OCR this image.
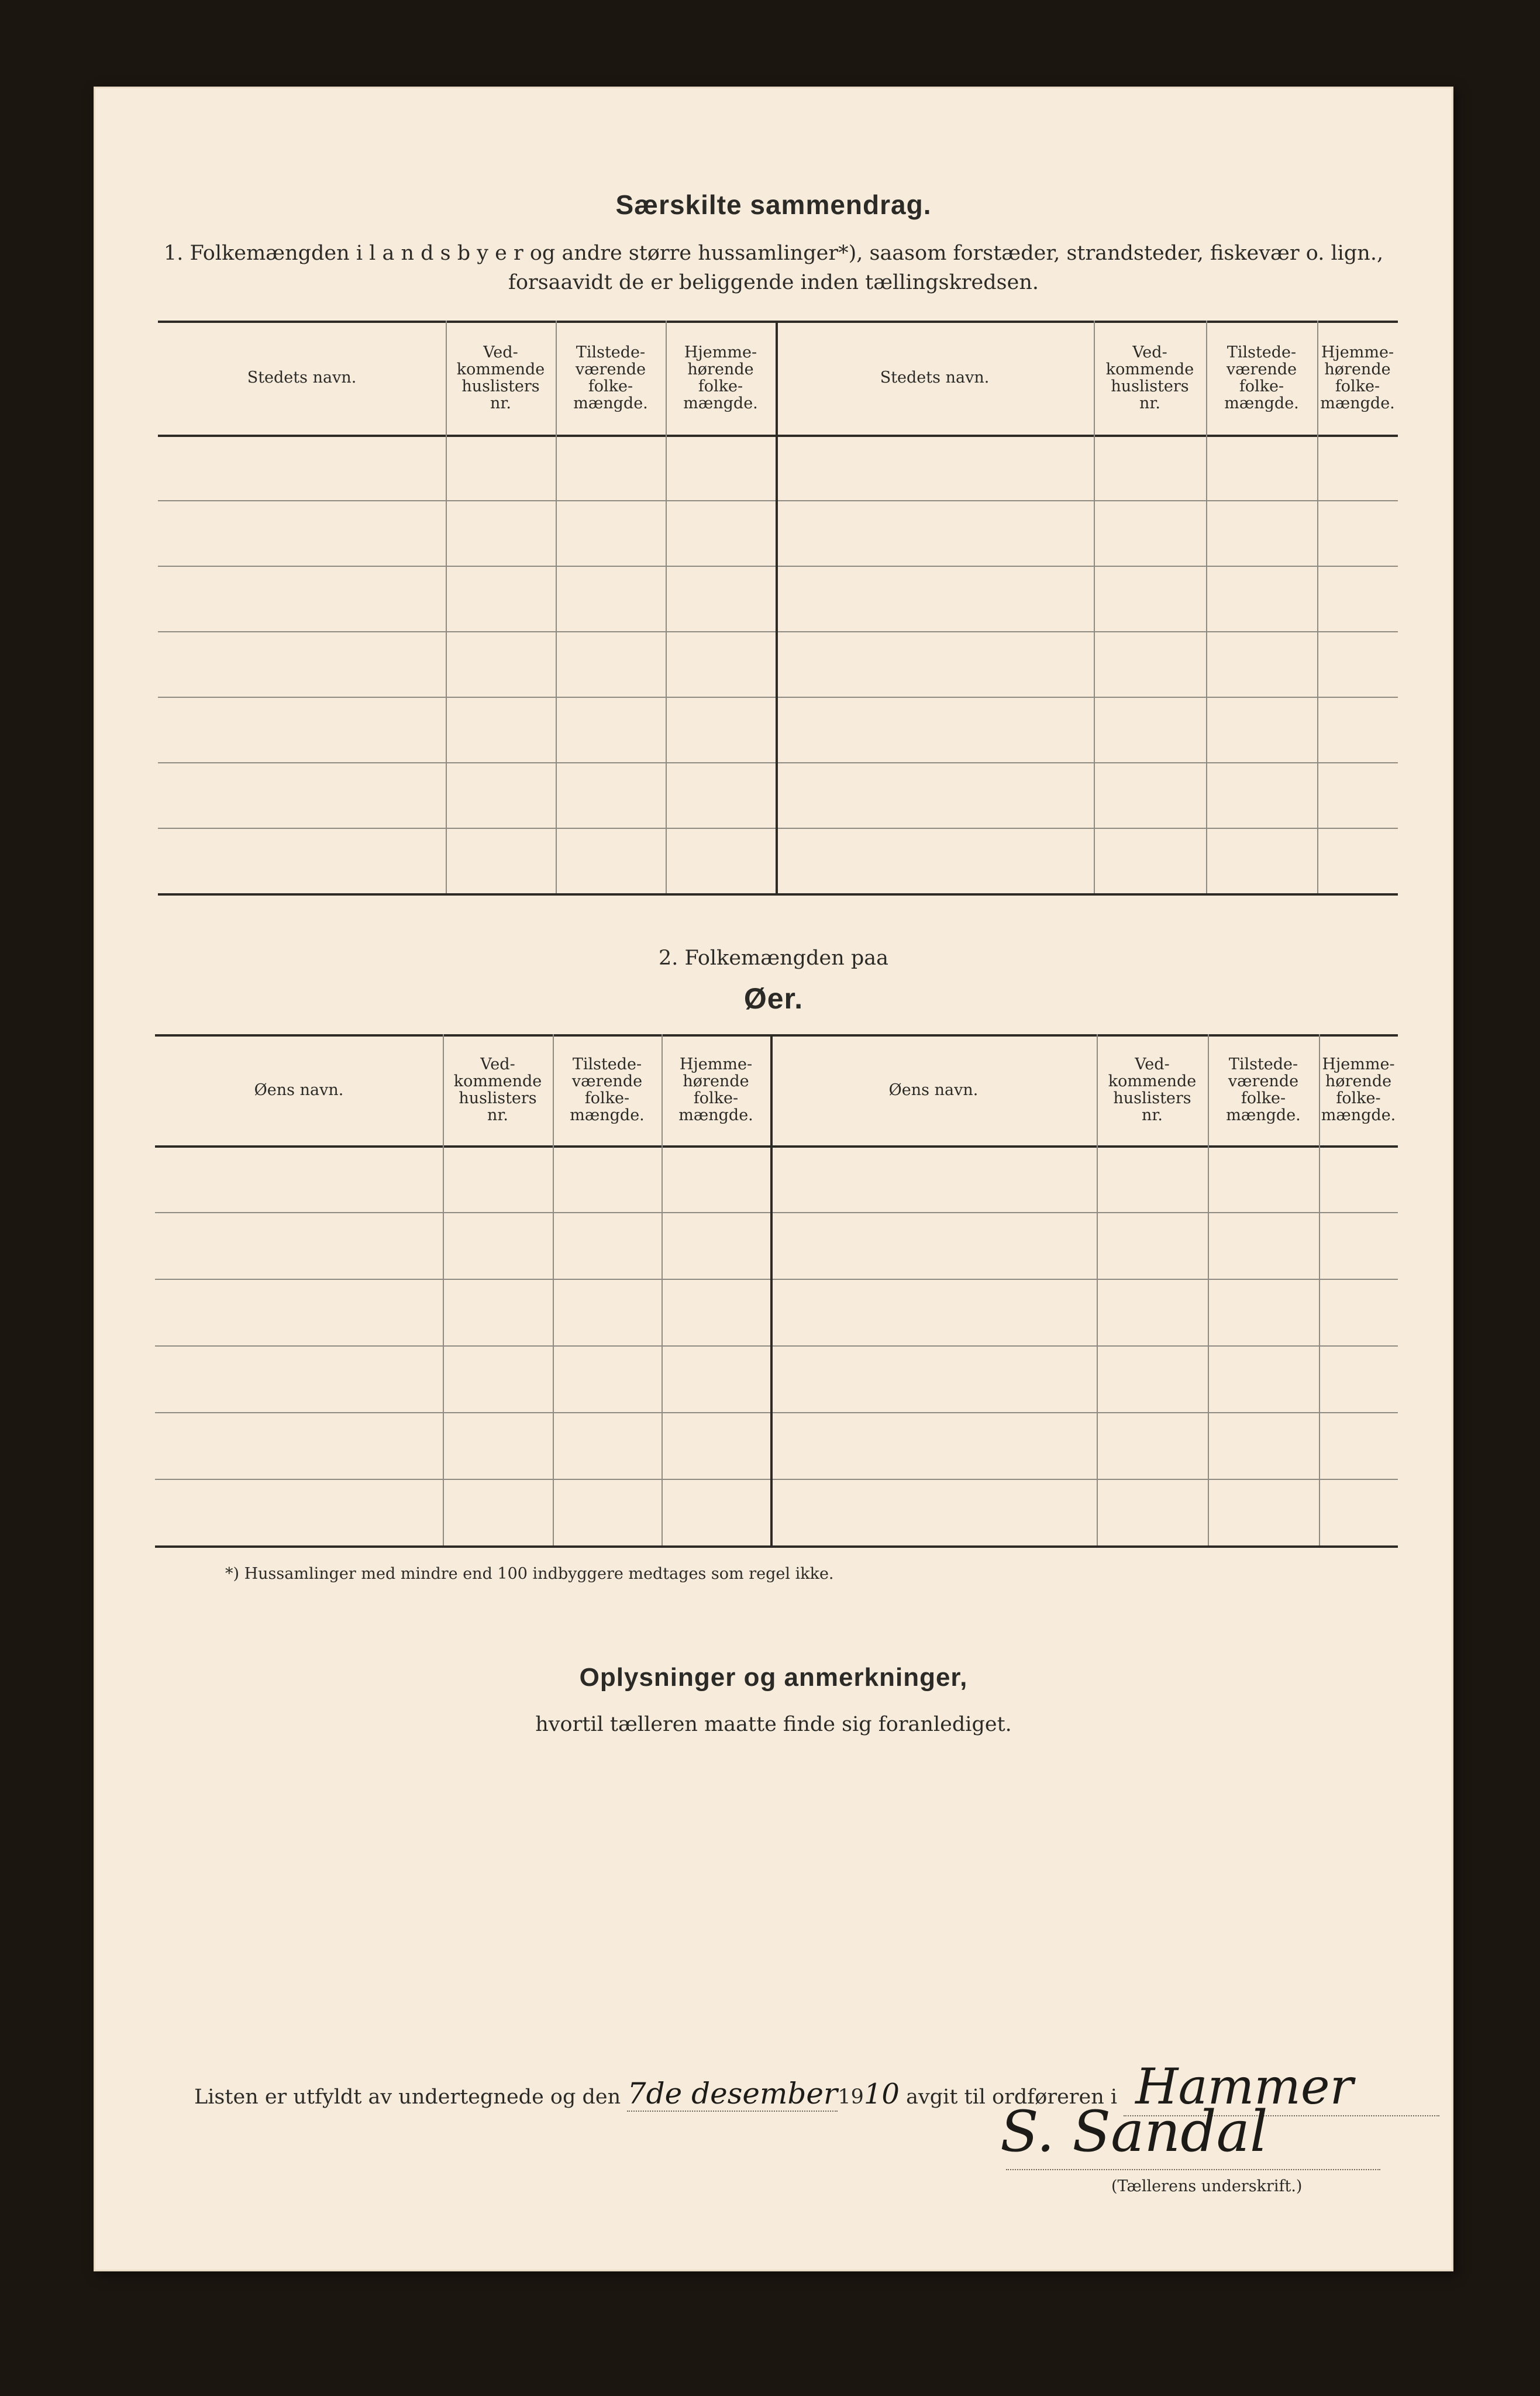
Særskilte sammendrag.
1. Folkemængden i l a n d s b y e r og andre større hussamlinger*), saasom forstæder, strandsteder, fiskevær o. lign.,
forsaavidt de er beliggende inden tællingskredsen.
Stedets navn.
Ved-
kommende
huslisters
nr.
Tilstede-
værende
folke-
mængde.
Hjemme-
hørende
folke-
mængde.
Stedets navn.
Ved-
kommende
huslisters
nr.
Tilstede-
værende
folke-
mængde.
Hjemme-
hørende
folke-
mængde.
2. Folkemængden paa
Øer.
Øens navn.
Ved-
kommende
huslisters
nr.
Tilstede-
værende
folke-
mængde.
Hjemme-
hørende
folke-
mængde.
Øens navn.
Ved-
kommende
huslisters
nr.
Tilstede-
værende
folke-
mængde.
Hjemme-
hørende
folke-
mængde.
*) Hussamlinger med mindre end 100 indbyggere medtages som regel ikke.
Oplysninger og anmerkninger,
hvortil tælleren maatte finde sig foranlediget.
Listen er utfyldt av undertegnede og den 7de desember1910 avgit til ordføreren i Hammer
S. Sandal
(Tællerens underskrift.)
